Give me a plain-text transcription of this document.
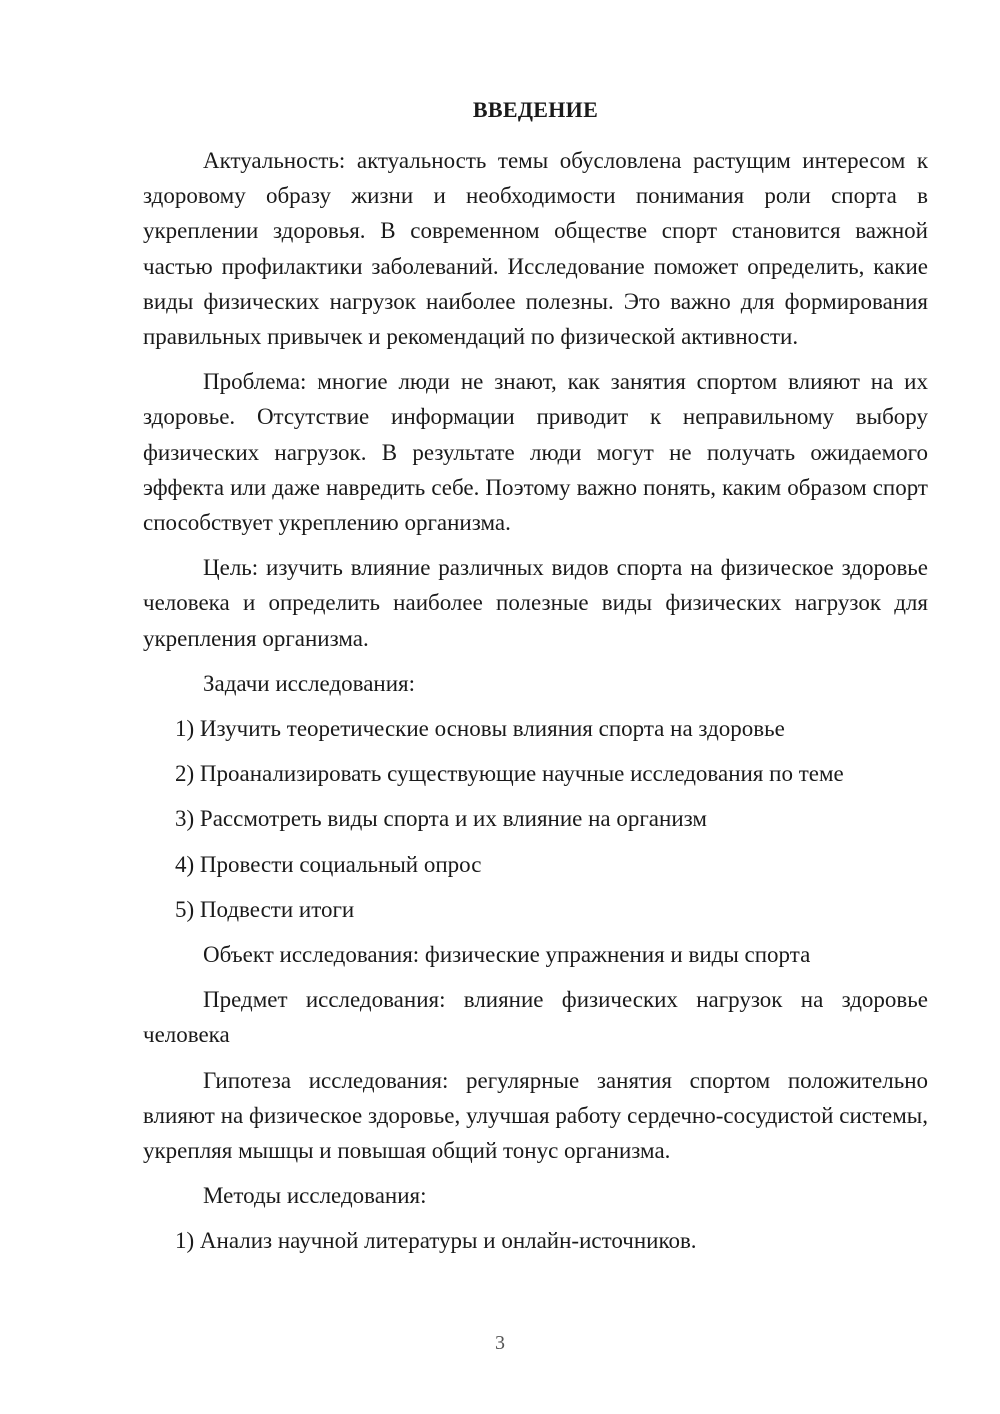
ВВЕДЕНИЕ

Актуальность: актуальность темы обусловлена растущим интересом к здоровому образу жизни и необходимости понимания роли спорта в укреплении здоровья. В современном обществе спорт становится важной частью профилактики заболеваний. Исследование поможет определить, какие виды физических нагрузок наиболее полезны. Это важно для формирования правильных привычек и рекомендаций по физической активности.

Проблема: многие люди не знают, как занятия спортом влияют на их здоровье. Отсутствие информации приводит к неправильному выбору физических нагрузок. В результате люди могут не получать ожидаемого эффекта или даже навредить себе. Поэтому важно понять, каким образом спорт способствует укреплению организма.

Цель: изучить влияние различных видов спорта на физическое здоровье человека и определить наиболее полезные виды физических нагрузок для укрепления организма.

Задачи исследования:

1) Изучить теоретические основы влияния спорта на здоровье

2) Проанализировать существующие научные исследования по теме

3) Рассмотреть виды спорта и их влияние на организм

4) Провести социальный опрос

5) Подвести итоги

Объект исследования: физические упражнения и виды спорта

Предмет исследования: влияние физических нагрузок на здоровье человека

Гипотеза исследования: регулярные занятия спортом положительно влияют на физическое здоровье, улучшая работу сердечно-сосудистой системы, укрепляя мышцы и повышая общий тонус организма.

Методы исследования:

1) Анализ научной литературы и онлайн-источников.

3
